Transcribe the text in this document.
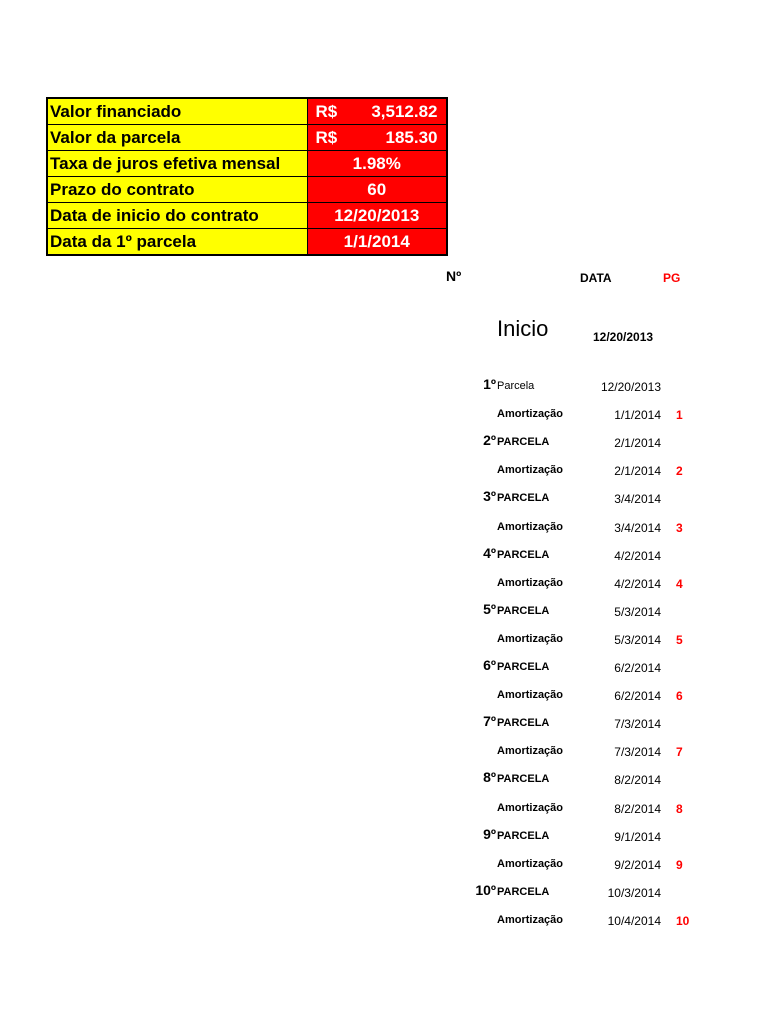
Valor financiado	R$ 3,512.82
Valor da parcela	R$ 185.30
Taxa de juros efetiva mensal	1.98%
Prazo do contrato	60
Data de inicio do contrato	12/20/2013
Data da 1º parcela	1/1/2014
Nº	DATA	PG
Inicio	12/20/2013
1º Parcela	12/20/2013
Amortização	1/1/2014 1
2º PARCELA	2/1/2014
Amortização	2/1/2014 2
3º PARCELA	3/4/2014
Amortização	3/4/2014 3
4º PARCELA	4/2/2014
Amortização	4/2/2014 4
5º PARCELA	5/3/2014
Amortização	5/3/2014 5
6º PARCELA	6/2/2014
Amortização	6/2/2014 6
7º PARCELA	7/3/2014
Amortização	7/3/2014 7
8º PARCELA	8/2/2014
Amortização	8/2/2014 8
9º PARCELA	9/1/2014
Amortização	9/2/2014 9
10º PARCELA	10/3/2014
Amortização	10/4/2014 10
